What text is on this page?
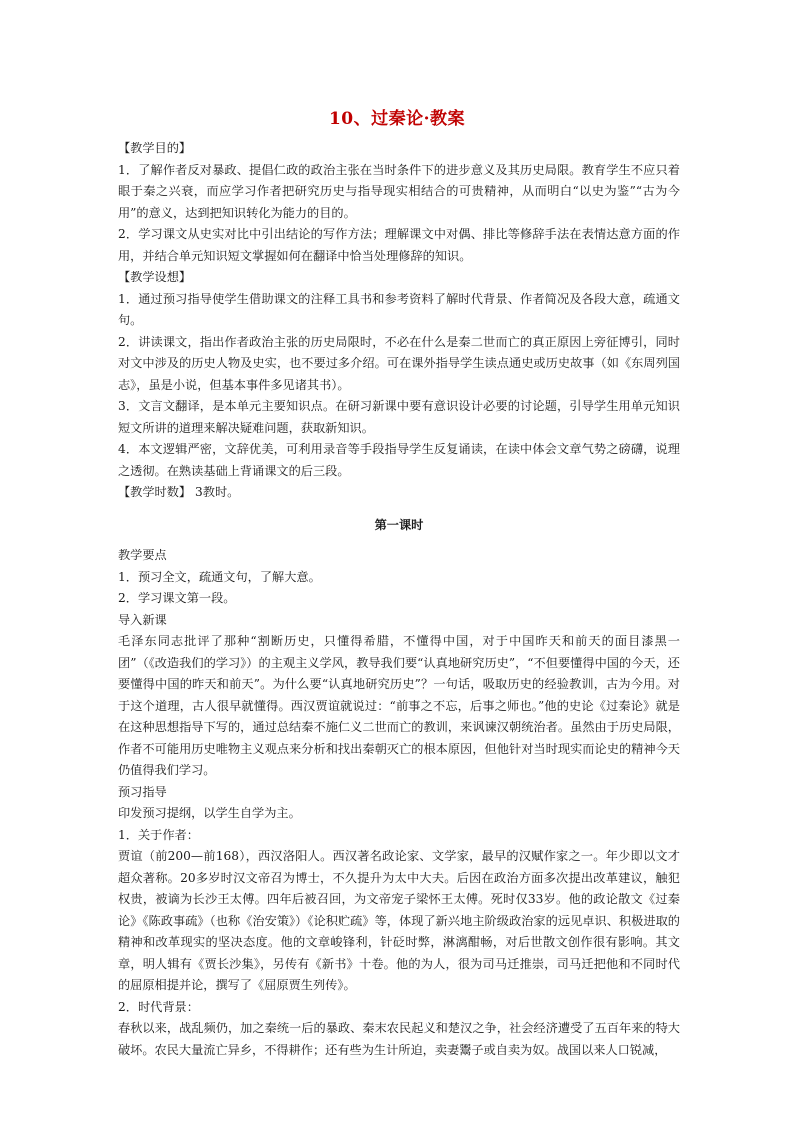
10、过秦论·教案

【教学目的】

1．了解作者反对暴政、提倡仁政的政治主张在当时条件下的进步意义及其历史局限。教育学生不应只着眼于秦之兴衰，而应学习作者把研究历史与指导现实相结合的可贵精神，从而明白“以史为鉴”“古为今用”的意义，达到把知识转化为能力的目的。

2．学习课文从史实对比中引出结论的写作方法；理解课文中对偶、排比等修辞手法在表情达意方面的作用，并结合单元知识短文掌握如何在翻译中恰当处理修辞的知识。

【教学设想】

1．通过预习指导使学生借助课文的注释工具书和参考资料了解时代背景、作者简况及各段大意，疏通文句。

2．讲读课文，指出作者政治主张的历史局限时，不必在什么是秦二世而亡的真正原因上旁征博引，同时对文中涉及的历史人物及史实，也不要过多介绍。可在课外指导学生读点通史或历史故事（如《东周列国志》，虽是小说，但基本事件多见诸其书）。

3．文言文翻译，是本单元主要知识点。在研习新课中要有意识设计必要的讨论题，引导学生用单元知识短文所讲的道理来解决疑难问题，获取新知识。

4．本文逻辑严密，文辞优美，可利用录音等手段指导学生反复诵读，在读中体会文章气势之磅礴，说理之透彻。在熟读基础上背诵课文的后三段。

【教学时数】 3教时。

第一课时

教学要点

1．预习全文，疏通文句，了解大意。

2．学习课文第一段。

导入新课

毛泽东同志批评了那种“割断历史，只懂得希腊，不懂得中国，对于中国昨天和前天的面目漆黑一团”（《改造我们的学习》）的主观主义学风，教导我们要“认真地研究历史”，“不但要懂得中国的今天，还要懂得中国的昨天和前天”。为什么要“认真地研究历史”？一句话，吸取历史的经验教训，古为今用。对于这个道理，古人很早就懂得。西汉贾谊就说过：“前事之不忘，后事之师也。”他的史论《过秦论》就是在这种思想指导下写的，通过总结秦不施仁义二世而亡的教训，来讽谏汉朝统治者。虽然由于历史局限，作者不可能用历史唯物主义观点来分析和找出秦朝灭亡的根本原因，但他针对当时现实而论史的精神今天仍值得我们学习。

预习指导

印发预习提纲，以学生自学为主。

1．关于作者：

贾谊（前200—前168），西汉洛阳人。西汉著名政论家、文学家，最早的汉赋作家之一。年少即以文才超众著称。20多岁时汉文帝召为博士，不久提升为太中大夫。后因在政治方面多次提出改革建议，触犯权贵，被谪为长沙王太傅。四年后被召回，为文帝宠子梁怀王太傅。死时仅33岁。他的政论散文《过秦论》《陈政事疏》（也称《治安策》）《论积贮疏》等，体现了新兴地主阶级政治家的远见卓识、积极进取的精神和改革现实的坚决态度。他的文章峻锋利，针砭时弊，淋漓酣畅，对后世散文创作很有影响。其文章，明人辑有《贾长沙集》，另传有《新书》十卷。他的为人，很为司马迁推崇，司马迁把他和不同时代的屈原相提并论，撰写了《屈原贾生列传》。

2．时代背景：

春秋以来，战乱频仍，加之秦统一后的暴政、秦末农民起义和楚汉之争，社会经济遭受了五百年来的特大破坏。农民大量流亡异乡，不得耕作；还有些为生计所迫，卖妻鬻子或自卖为奴。战国以来人口锐减，
